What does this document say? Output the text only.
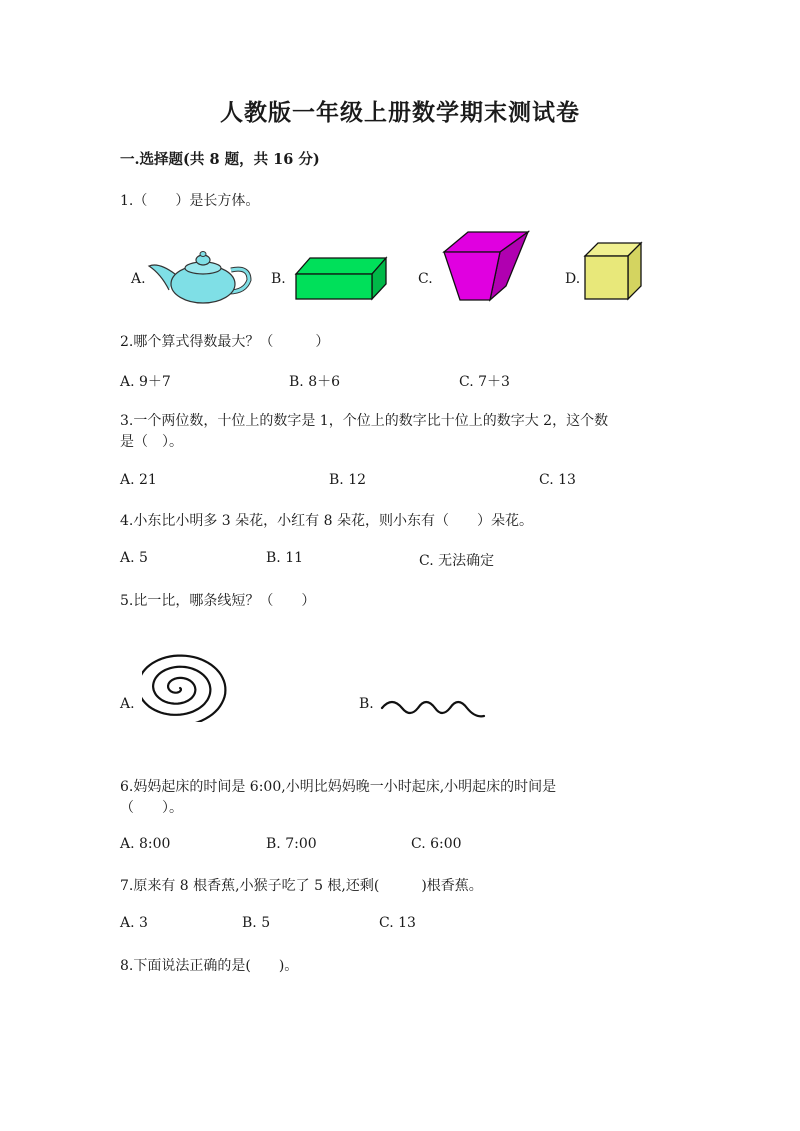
人教版一年级上册数学期末测试卷
一.选择题(共 8 题，共 16 分)
1.（　　）是长方体。
A.	B.	C.	D.
2.哪个算式得数最大？（　　　）
A. 9＋7	B. 8＋6	C. 7＋3
3.一个两位数，十位上的数字是 1，个位上的数字比十位上的数字大 2，这个数
是（　）。
A. 21	B. 12	C. 13
4.小东比小明多 3 朵花，小红有 8 朵花，则小东有（　　）朵花。
A. 5	B. 11	C. 无法确定
5.比一比，哪条线短？（　　）
A.	B.
6.妈妈起床的时间是 6:00,小明比妈妈晚一小时起床,小明起床的时间是
（　　）。
A. 8:00	B. 7:00	C. 6:00
7.原来有 8 根香蕉,小猴子吃了 5 根,还剩(　　　)根香蕉。
A. 3	B. 5	C. 13
8.下面说法正确的是(　　)。
